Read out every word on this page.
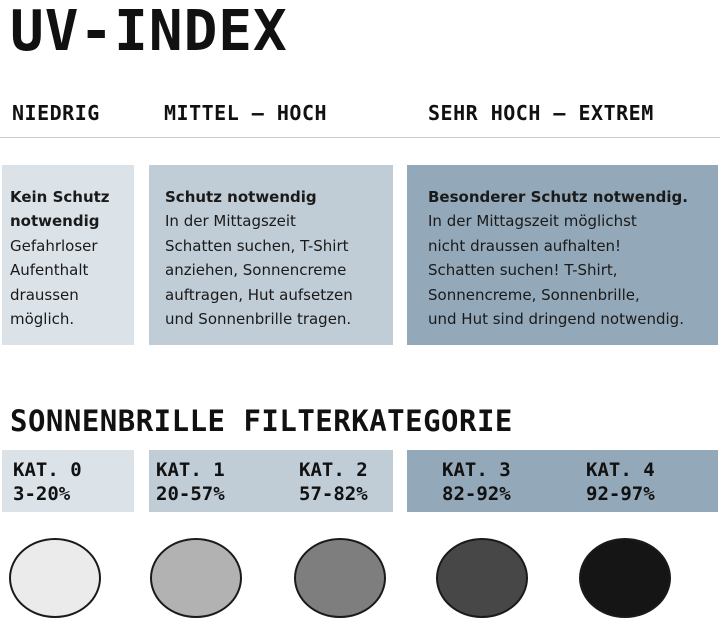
UV-INDEX
NIEDRIG	MITTEL – HOCH	SEHR HOCH – EXTREM
Kein Schutz
notwendig
Gefahrloser
Aufenthalt
draussen
möglich.
Schutz notwendig
In der Mittagszeit
Schatten suchen, T-Shirt
anziehen, Sonnencreme
auftragen, Hut aufsetzen
und Sonnenbrille tragen.
Besonderer Schutz notwendig.
In der Mittagszeit möglichst
nicht draussen aufhalten!
Schatten suchen! T-Shirt,
Sonnencreme, Sonnenbrille,
und Hut sind dringend notwendig.
SONNENBRILLE FILTERKATEGORIE
KAT. 0
3-20%
KAT. 1
20-57%
KAT. 2
57-82%
KAT. 3
82-92%
KAT. 4
92-97%
